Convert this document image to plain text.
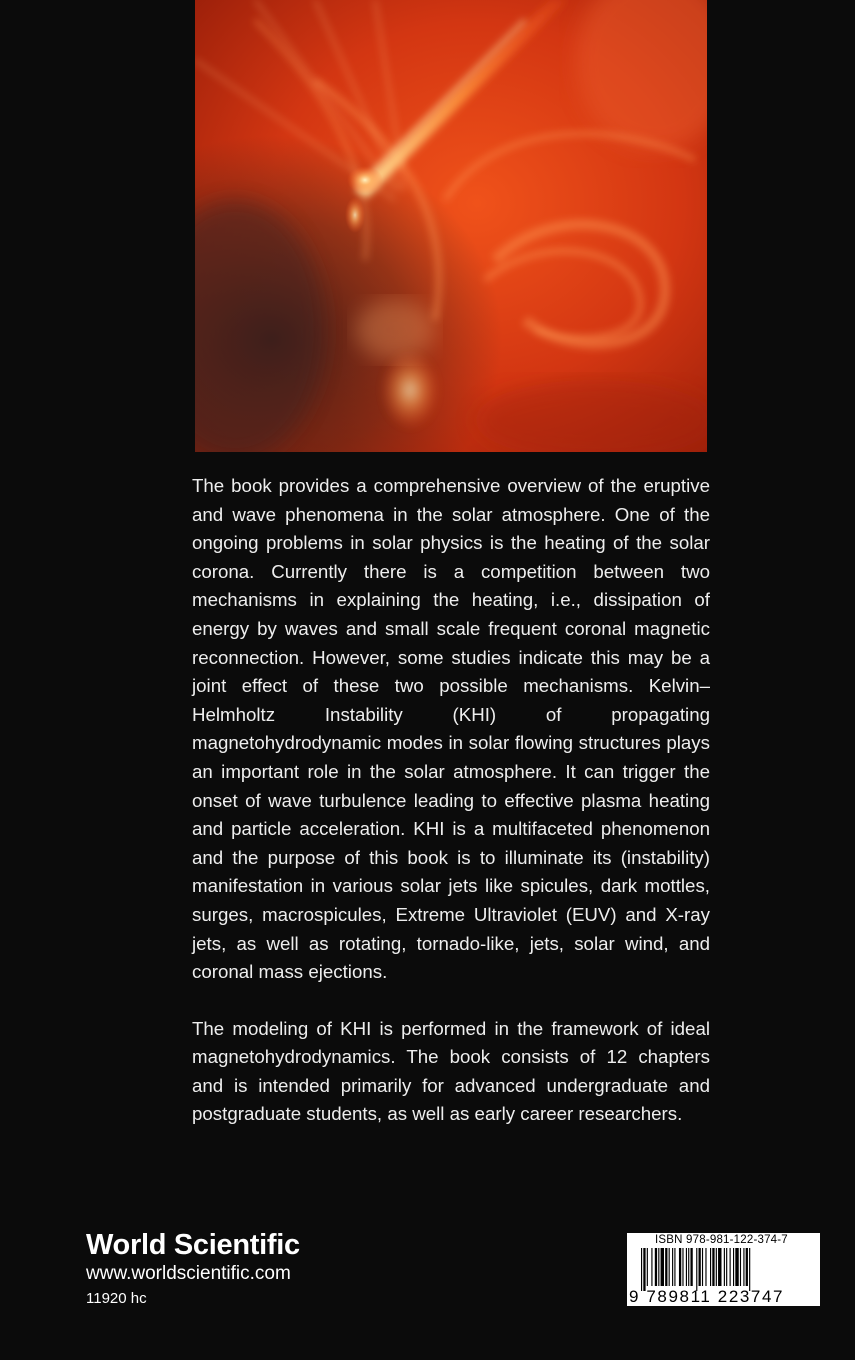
The book provides a comprehensive overview of the eruptive and wave phenomena in the solar atmosphere. One of the ongoing problems in solar physics is the heating of the solar corona. Currently there is a competition between two mechanisms in explaining the heating, i.e., dissipation of energy by waves and small scale frequent coronal magnetic reconnection. However, some studies indicate this may be a joint effect of these two possible mechanisms. Kelvin–Helmholtz Instability (KHI) of propagating magnetohydrodynamic modes in solar flowing structures plays an important role in the solar atmosphere. It can trigger the onset of wave turbulence leading to effective plasma heating and particle acceleration. KHI is a multifaceted phenomenon and the purpose of this book is to illuminate its (instability) manifestation in various solar jets like spicules, dark mottles, surges, macrospicules, Extreme Ultraviolet (EUV) and X-ray jets, as well as rotating, tornado-like, jets, solar wind, and coronal mass ejections.

The modeling of KHI is performed in the framework of ideal magnetohydrodynamics. The book consists of 12 chapters and is intended primarily for advanced undergraduate and postgraduate students, as well as early career researchers.

World Scientific
www.worldscientific.com
11920 hc
ISBN 978-981-122-374-7
9 789811 223747
